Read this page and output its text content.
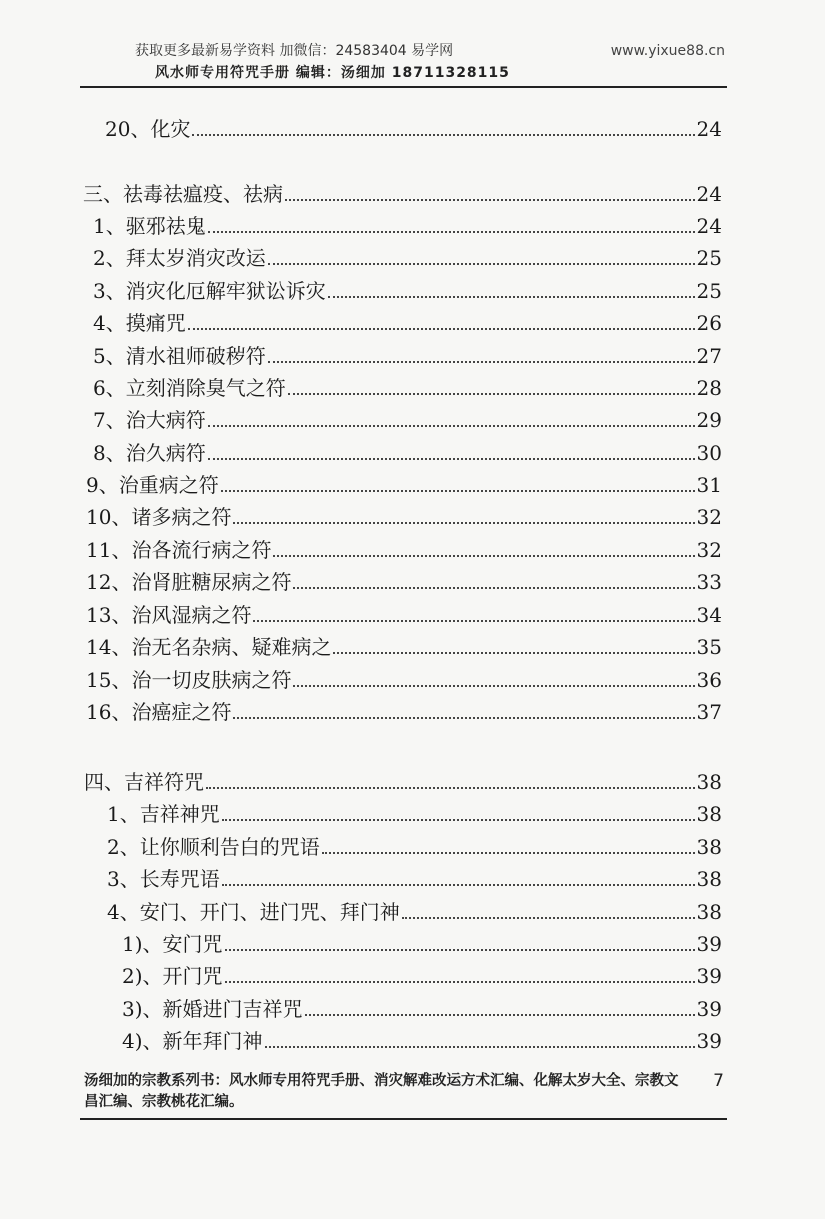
获取更多最新易学资料 加微信：24583404 易学网
风水师专用符咒手册 编辑：汤细加 18711328115
www.yixue88.cn
20、化灾	24
三、祛毒祛瘟疫、祛病	24
1、驱邪祛鬼	24
2、拜太岁消灾改运	25
3、消灾化厄解牢狱讼诉灾	25
4、摸痛咒	26
5、清水祖师破秽符	27
6、立刻消除臭气之符	28
7、治大病符	29
8、治久病符	30
9、治重病之符	31
10、诸多病之符	32
11、治各流行病之符	32
12、治肾脏糖尿病之符	33
13、治风湿病之符	34
14、治无名杂病、疑难病之	35
15、治一切皮肤病之符	36
16、治癌症之符	37
四、吉祥符咒	38
1、吉祥神咒	38
2、让你顺利告白的咒语	38
3、长寿咒语	38
4、安门、开门、进门咒、拜门神	38
1)、安门咒	39
2)、开门咒	39
3)、新婚进门吉祥咒	39
4)、新年拜门神	39
汤细加的宗教系列书：风水师专用符咒手册、消灾解难改运方术汇编、化解太岁大全、宗教文昌汇编、宗教桃花汇编。
7
